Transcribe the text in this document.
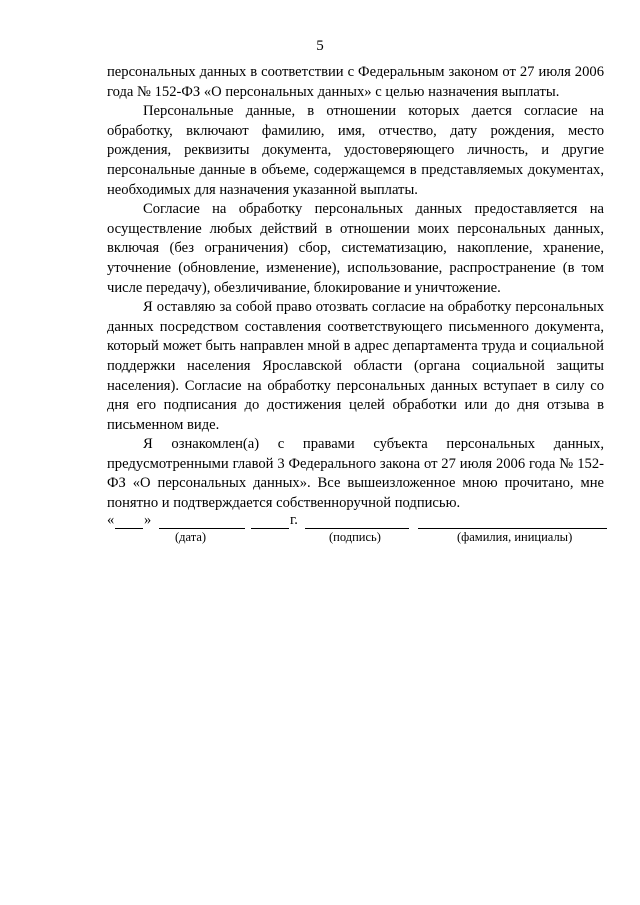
5

персональных данных в соответствии с Федеральным законом от 27 июля 2006 года № 152-ФЗ «О персональных данных» с целью назначения выплаты.

Персональные данные, в отношении которых дается согласие на обработку, включают фамилию, имя, отчество, дату рождения, место рождения, реквизиты документа, удостоверяющего личность, и другие персональные данные в объеме, содержащемся в представляемых документах, необходимых для назначения указанной выплаты.

Согласие на обработку персональных данных предоставляется на осуществление любых действий в отношении моих персональных данных, включая (без ограничения) сбор, систематизацию, накопление, хранение, уточнение (обновление, изменение), использование, распространение (в том числе передачу), обезличивание, блокирование и уничтожение.

Я оставляю за собой право отозвать согласие на обработку персональных данных посредством составления соответствующего письменного документа, который может быть направлен мной в адрес департамента труда и социальной поддержки населения Ярославской области (органа социальной защиты населения). Согласие на обработку персональных данных вступает в силу со дня его подписания до достижения целей обработки или до дня отзыва в письменном виде.

Я ознакомлен(а) с правами субъекта персональных данных, предусмотренными главой 3 Федерального закона от 27 июля 2006 года № 152-ФЗ «О персональных данных». Все вышеизложенное мною прочитано, мне понятно и подтверждается собственноручной подписью.

« »	г.
(дата)	(подпись)	(фамилия, инициалы)
